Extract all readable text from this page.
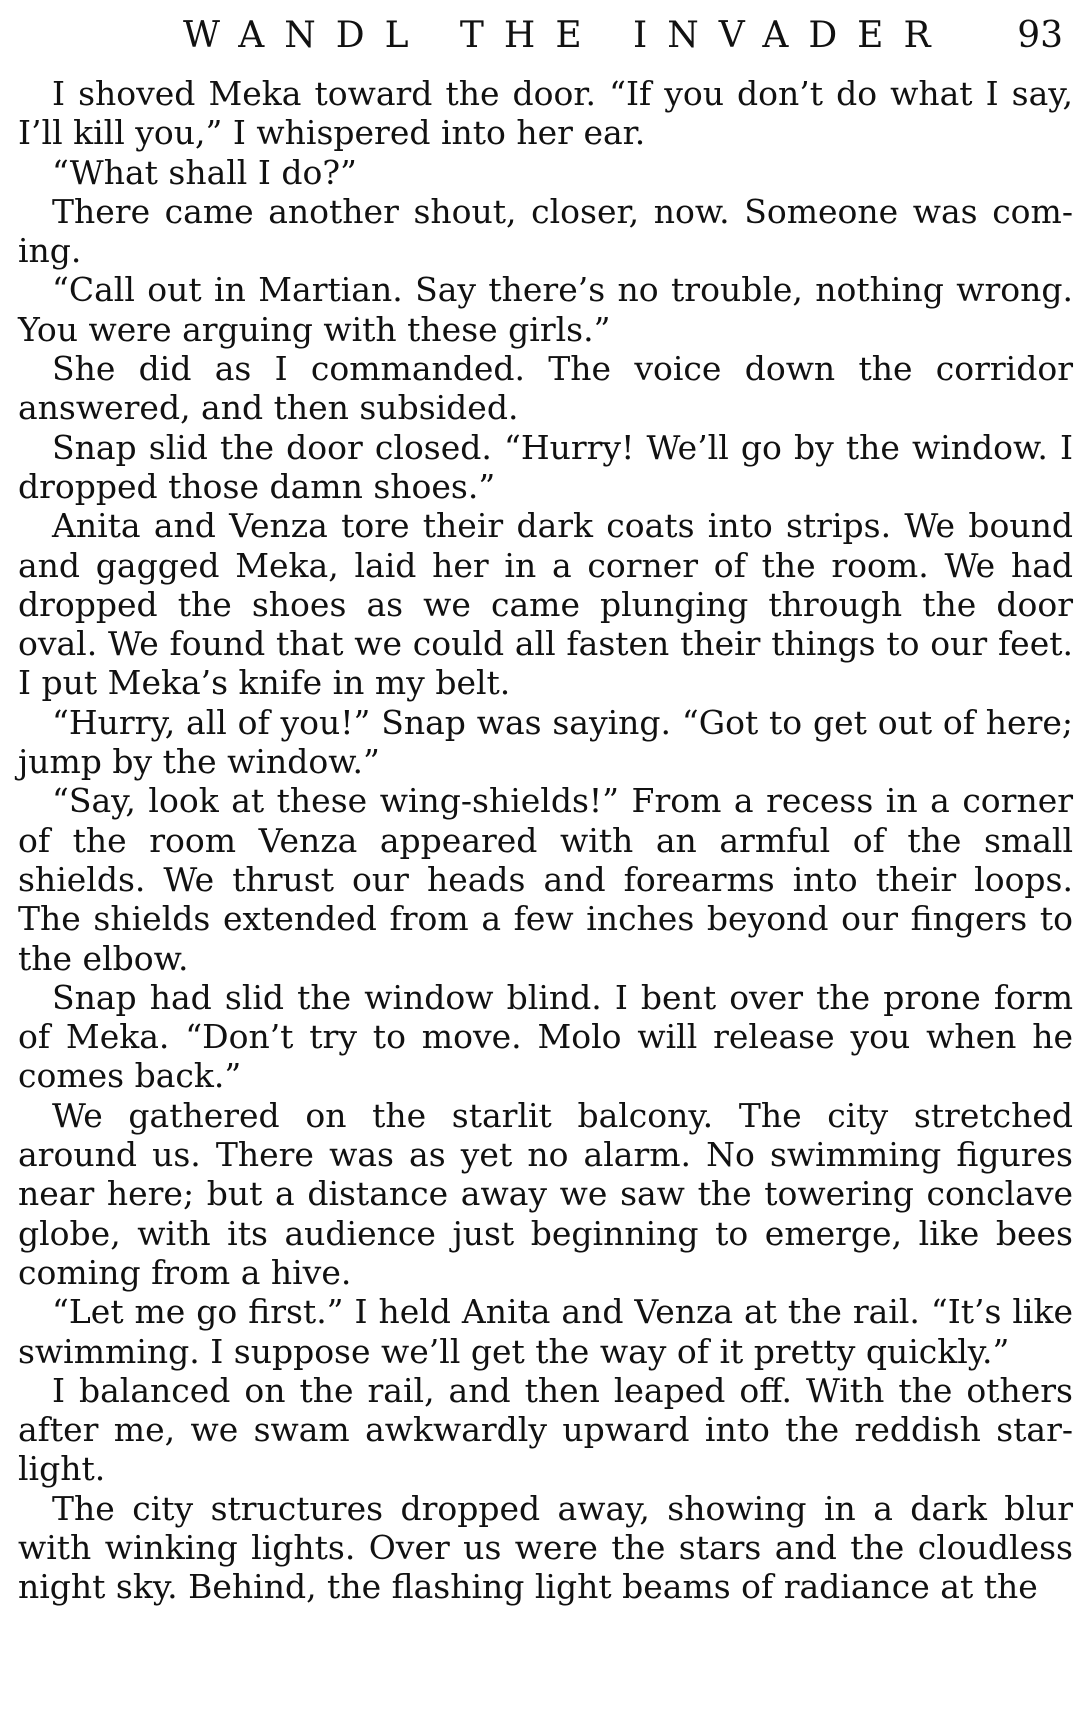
WANDL THE INVADER 93

I shoved Meka toward the door. “If you don’t do what I say, I’ll kill you,” I whispered into her ear.

“What shall I do?”

There came another shout, closer, now. Someone was coming.

“Call out in Martian. Say there’s no trouble, nothing wrong. You were arguing with these girls.”

She did as I commanded. The voice down the corridor answered, and then subsided.

Snap slid the door closed. “Hurry! We’ll go by the window. I dropped those damn shoes.”

Anita and Venza tore their dark coats into strips. We bound and gagged Meka, laid her in a corner of the room. We had dropped the shoes as we came plunging through the door oval. We found that we could all fasten their things to our feet. I put Meka’s knife in my belt.

“Hurry, all of you!” Snap was saying. “Got to get out of here; jump by the window.”

“Say, look at these wing-shields!” From a recess in a corner of the room Venza appeared with an armful of the small shields. We thrust our heads and forearms into their loops. The shields extended from a few inches beyond our fingers to the elbow.

Snap had slid the window blind. I bent over the prone form of Meka. “Don’t try to move. Molo will release you when he comes back.”

We gathered on the starlit balcony. The city stretched around us. There was as yet no alarm. No swimming figures near here; but a distance away we saw the towering conclave globe, with its audience just beginning to emerge, like bees coming from a hive.

“Let me go first.” I held Anita and Venza at the rail. “It’s like swimming. I suppose we’ll get the way of it pretty quickly.”

I balanced on the rail, and then leaped off. With the others after me, we swam awkwardly upward into the reddish starlight.

The city structures dropped away, showing in a dark blur with winking lights. Over us were the stars and the cloudless night sky. Behind, the flashing light beams of radiance at the
